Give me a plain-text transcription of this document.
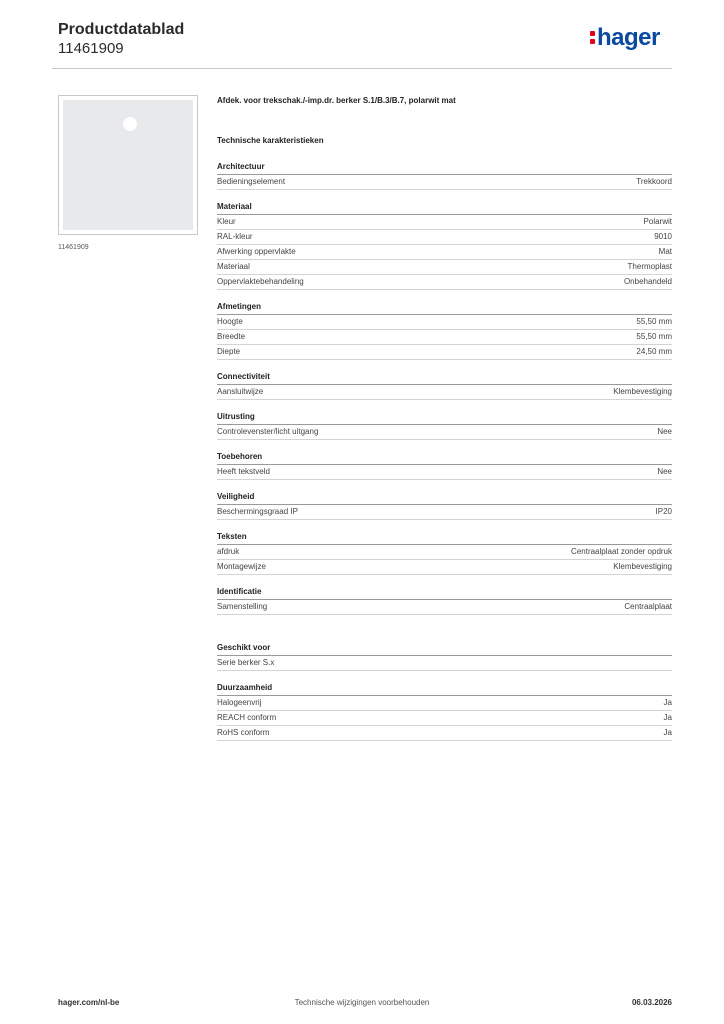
Productdatablad
11461909	hager
11461909
Afdek. voor trekschak./-imp.dr. berker S.1/B.3/B.7, polarwit mat
Technische karakteristieken
Architectuur
Bedieningselement	Trekkoord
Materiaal
Kleur	Polarwit
RAL-kleur	9010
Afwerking oppervlakte	Mat
Materiaal	Thermoplast
Oppervlaktebehandeling	Onbehandeld
Afmetingen
Hoogte	55,50 mm
Breedte	55,50 mm
Diepte	24,50 mm
Connectiviteit
Aansluitwijze	Klembevestiging
Uitrusting
Controlevenster/licht uitgang	Nee
Toebehoren
Heeft tekstveld	Nee
Veiligheid
Beschermingsgraad IP	IP20
Teksten
afdruk	Centraalplaat zonder opdruk
Montagewijze	Klembevestiging
Identificatie
Samenstelling	Centraalplaat
Geschikt voor
Serie berker S.x
Duurzaamheid
Halogeenvrij	Ja
REACH conform	Ja
RoHS conform	Ja
hager.com/nl-be	Technische wijzigingen voorbehouden	06.03.2026
